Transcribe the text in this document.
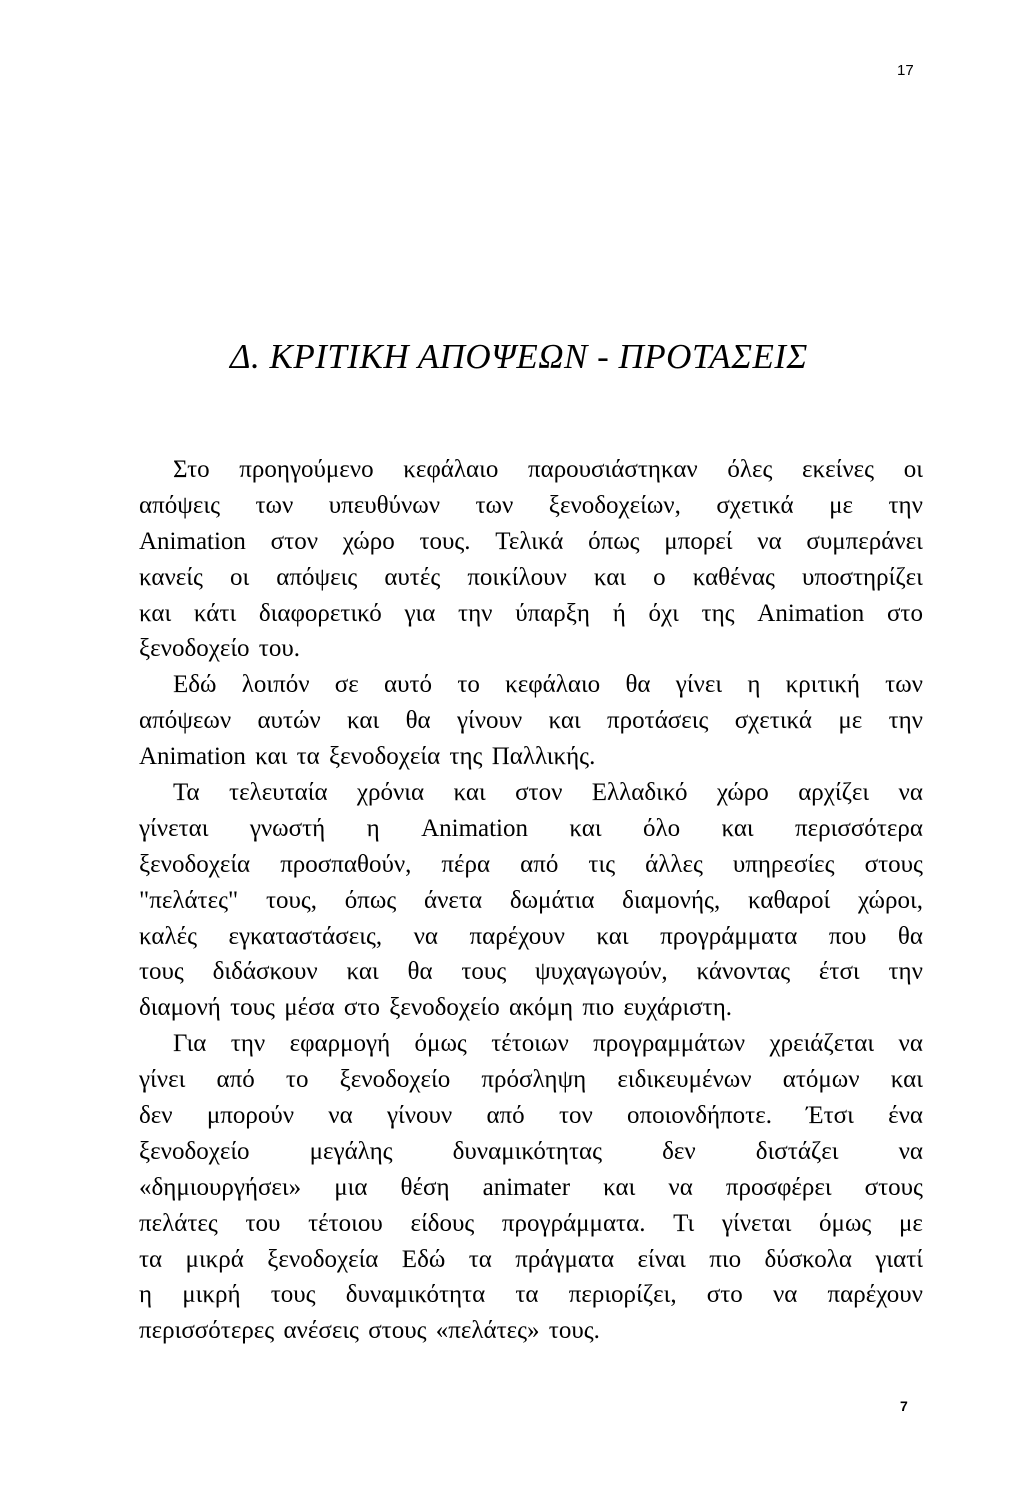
17
Δ. ΚΡΙΤΙΚΗ ΑΠΟΨΕΩΝ - ΠΡΟΤΑΣΕΙΣ
Στο προηγούμενο κεφάλαιο παρουσιάστηκαν όλες εκείνες οι
απόψεις των υπευθύνων των ξενοδοχείων, σχετικά με την
Animation στον χώρο τους. Τελικά όπως μπορεί να συμπεράνει
κανείς οι απόψεις αυτές ποικίλουν και ο καθένας υποστηρίζει
και κάτι διαφορετικό για την ύπαρξη ή όχι της Animation στο
ξενοδοχείο του.
Εδώ λοιπόν σε αυτό το κεφάλαιο θα γίνει η κριτική των
απόψεων αυτών και θα γίνουν και προτάσεις σχετικά με την
Animation και τα ξενοδοχεία της Παλλικής.
Τα τελευταία χρόνια και στον Ελλαδικό χώρο αρχίζει να
γίνεται γνωστή η Animation και όλο και περισσότερα
ξενοδοχεία προσπαθούν, πέρα από τις άλλες υπηρεσίες στους
"πελάτες" τους, όπως άνετα δωμάτια διαμονής, καθαροί χώροι,
καλές εγκαταστάσεις, να παρέχουν και προγράμματα που θα
τους διδάσκουν και θα τους ψυχαγωγούν, κάνοντας έτσι την
διαμονή τους μέσα στο ξενοδοχείο ακόμη πιο ευχάριστη.
Για την εφαρμογή όμως τέτοιων προγραμμάτων χρειάζεται να
γίνει από το ξενοδοχείο πρόσληψη ειδικευμένων ατόμων και
δεν μπορούν να γίνουν από τον οποιονδήποτε. Έτσι ένα
ξενοδοχείο μεγάλης δυναμικότητας δεν διστάζει να
«δημιουργήσει» μια θέση animater και να προσφέρει στους
πελάτες του τέτοιου είδους προγράμματα. Τι γίνεται όμως με
τα μικρά ξενοδοχεία Εδώ τα πράγματα είναι πιο δύσκολα γιατί
η μικρή τους δυναμικότητα τα περιορίζει, στο να παρέχουν
περισσότερες ανέσεις στους «πελάτες» τους.
7
